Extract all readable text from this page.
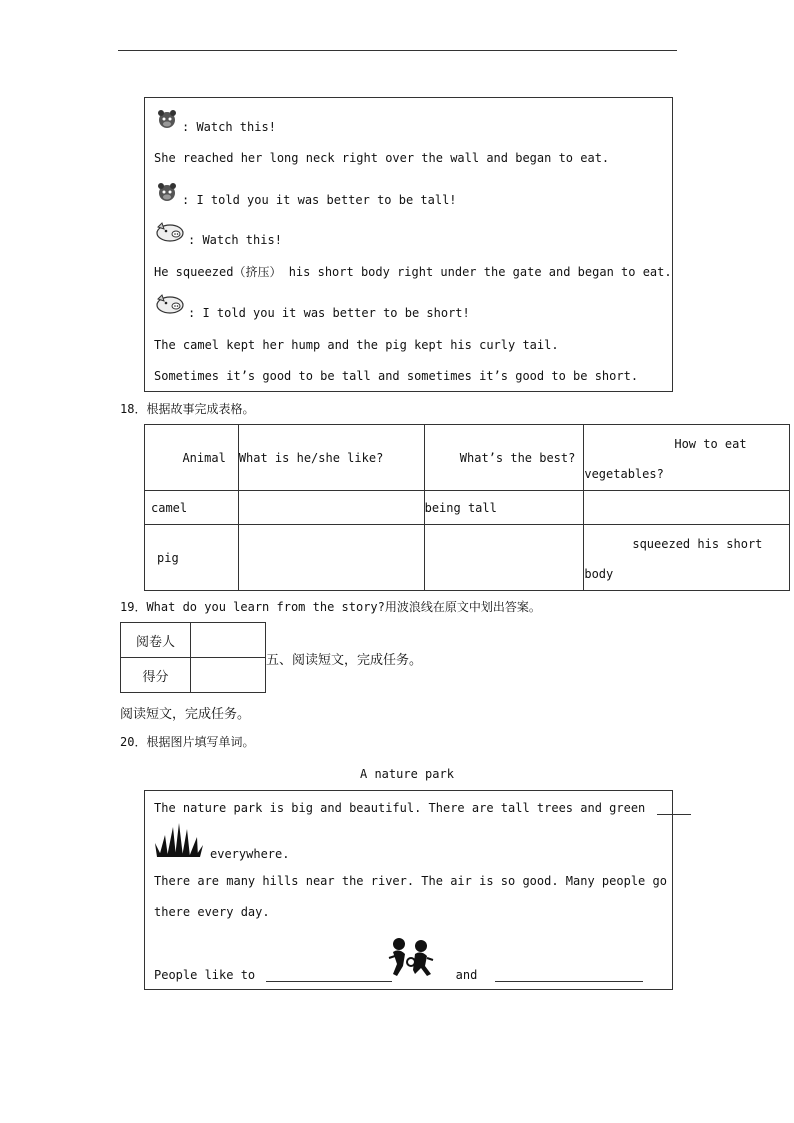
: Watch this!
She reached her long neck right over the wall and began to eat.
: I told you it was better to be tall!
: Watch this!
He squeezed（挤压） his short body right under the gate and began to eat.
: I told you it was better to be short!
The camel kept her hump and the pig kept his curly tail.
Sometimes it’s good to be tall and sometimes it’s good to be short.
18．根据故事完成表格。
Animal	What is he/she like?	What’s the best?	How to eat
vegetables?

camel		being tall	
pig			squeezed his short
body
19．What do you learn from the story?用波浪线在原文中划出答案。
阅卷人	
得分	
五、阅读短文，完成任务。
阅读短文，完成任务。
20．根据图片填写单词。
A nature park
The nature park is big and beautiful. There are tall trees and green
everywhere.
There are many hills near the river. The air is so good. Many people go
there every day.
People like to	and
